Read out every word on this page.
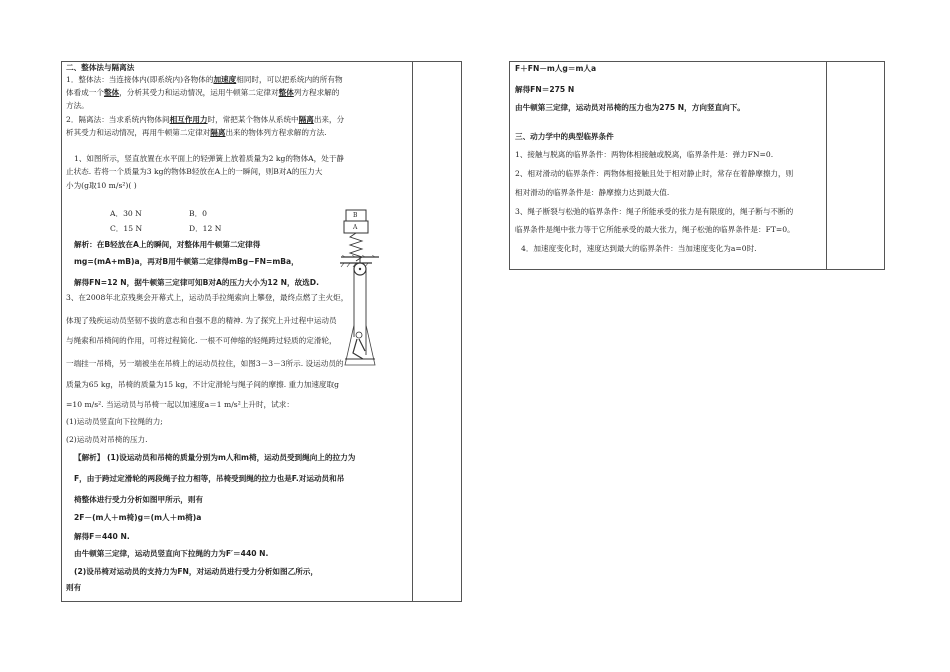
二、整体法与隔离法
1．整体法：当连接体内(即系统内)各物体的加速度相同时，可以把系统内的所有物
体看成一个整体，分析其受力和运动情况，运用牛顿第二定律对整体列方程求解的
方法。
2．隔离法：当求系统内物体间相互作用力时，常把某个物体从系统中隔离出来，分
析其受力和运动情况，再用牛顿第二定律对隔离出来的物体列方程求解的方法.
1、如图所示，竖直放置在水平面上的轻弹簧上放着质量为2 kg的物体A，处于静
止状态. 若将一个质量为3 kg的物体B轻放在A上的一瞬间，则B对A的压力大
小为(g取10 m/s²)( )
A．30 N	B．0
C．15 N	D．12 N
B
A
解析：在B轻放在A上的瞬间，对整体用牛顿第二定律得
mg=(mA+mB)a，再对B用牛顿第二定律得mBg−FN=mBa，
解得FN=12 N，据牛顿第三定律可知B对A的压力大小为12 N，故选D.
3、在2008年北京残奥会开幕式上，运动员手拉绳索向上攀登，最终点燃了主火炬，
体现了残疾运动员坚韧不拔的意志和自强不息的精神. 为了探究上升过程中运动员
与绳索和吊椅间的作用，可将过程简化. 一根不可伸缩的轻绳跨过轻质的定滑轮，
一端挂一吊椅，另一端被坐在吊椅上的运动员拉住，如图3－3－3所示. 设运动员的
质量为65 kg，吊椅的质量为15 kg，不计定滑轮与绳子间的摩擦. 重力加速度取g
=10 m/s². 当运动员与吊椅一起以加速度a＝1 m/s²上升时，试求：
(1)运动员竖直向下拉绳的力;
(2)运动员对吊椅的压力.
【解析】 (1)设运动员和吊椅的质量分别为m人和m椅，运动员受到绳向上的拉力为
F，由于跨过定滑轮的两段绳子拉力相等，吊椅受到绳的拉力也是F.对运动员和吊
椅整体进行受力分析如图甲所示，则有
2F－(m人＋m椅)g＝(m人＋m椅)a
解得F＝440 N.
由牛顿第三定律，运动员竖直向下拉绳的力为F′＝440 N.
(2)设吊椅对运动员的支持力为FN，对运动员进行受力分析如图乙所示，
则有
F＋FN－m人g＝m人a
解得FN＝275 N
由牛顿第三定律，运动员对吊椅的压力也为275 N，方向竖直向下。
三、动力学中的典型临界条件
1、接触与脱离的临界条件：两物体相接触或脱离，临界条件是：弹力FN=0.
2、相对滑动的临界条件：两物体相接触且处于相对静止时，常存在着静摩擦力，则
相对滑动的临界条件是：静摩擦力达到最大值.
3、绳子断裂与松弛的临界条件：绳子所能承受的张力是有限度的，绳子断与不断的
临界条件是绳中张力等于它所能承受的最大张力，绳子松弛的临界条件是：FT=0。
4．加速度变化时，速度达到最大的临界条件：当加速度变化为a=0时.
